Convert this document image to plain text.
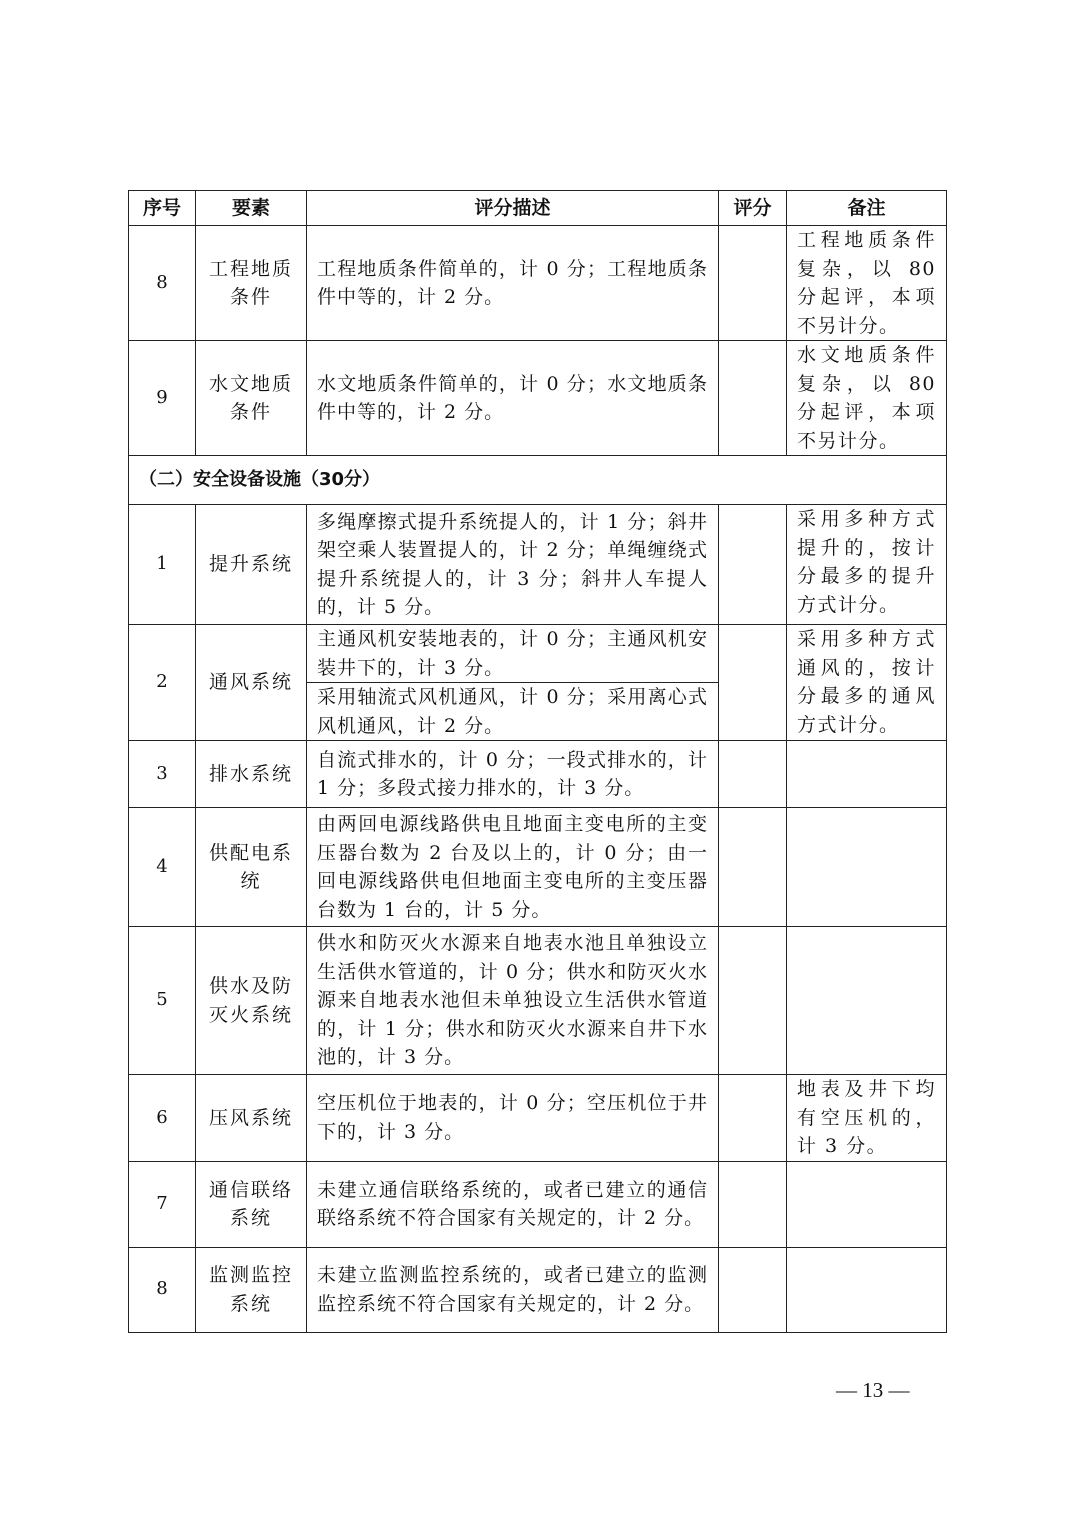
序号	要素	评分描述	评分	备注
8	工程地质条件	工程地质条件简单的，计 0 分；工程地质条件中等的，计 2 分。		工程地质条件复杂，以 80 分起评，本项不另计分。
9	水文地质条件	水文地质条件简单的，计 0 分；水文地质条件中等的，计 2 分。		水文地质条件复杂，以 80 分起评，本项不另计分。
（二）安全设备设施（30分）				
1	提升系统	多绳摩擦式提升系统提人的，计 1 分；斜井架空乘人装置提人的，计 2 分；单绳缠绕式提升系统提人的，计 3 分；斜井人车提人的，计 5 分。		采用多种方式提升的，按计分最多的提升方式计分。
2	通风系统	主通风机安装地表的，计 0 分；主通风机安装井下的，计 3 分。		采用多种方式通风的，按计分最多的通风方式计分。
		采用轴流式风机通风，计 0 分；采用离心式风机通风，计 2 分。		
3	排水系统	自流式排水的，计 0 分；一段式排水的，计 1 分；多段式接力排水的，计 3 分。		
4	供配电系统	由两回电源线路供电且地面主变电所的主变压器台数为 2 台及以上的，计 0 分；由一回电源线路供电但地面主变电所的主变压器台数为 1 台的，计 5 分。		
5	供水及防灭火系统	供水和防灭火水源来自地表水池且单独设立生活供水管道的，计 0 分；供水和防灭火水源来自地表水池但未单独设立生活供水管道的，计 1 分；供水和防灭火水源来自井下水池的，计 3 分。		
6	压风系统	空压机位于地表的，计 0 分；空压机位于井下的，计 3 分。		地表及井下均有空压机的，计 3 分。
7	通信联络系统	未建立通信联络系统的，或者已建立的通信联络系统不符合国家有关规定的，计 2 分。		
8	监测监控系统	未建立监测监控系统的，或者已建立的监测监控系统不符合国家有关规定的，计 2 分。		
— 13 —
